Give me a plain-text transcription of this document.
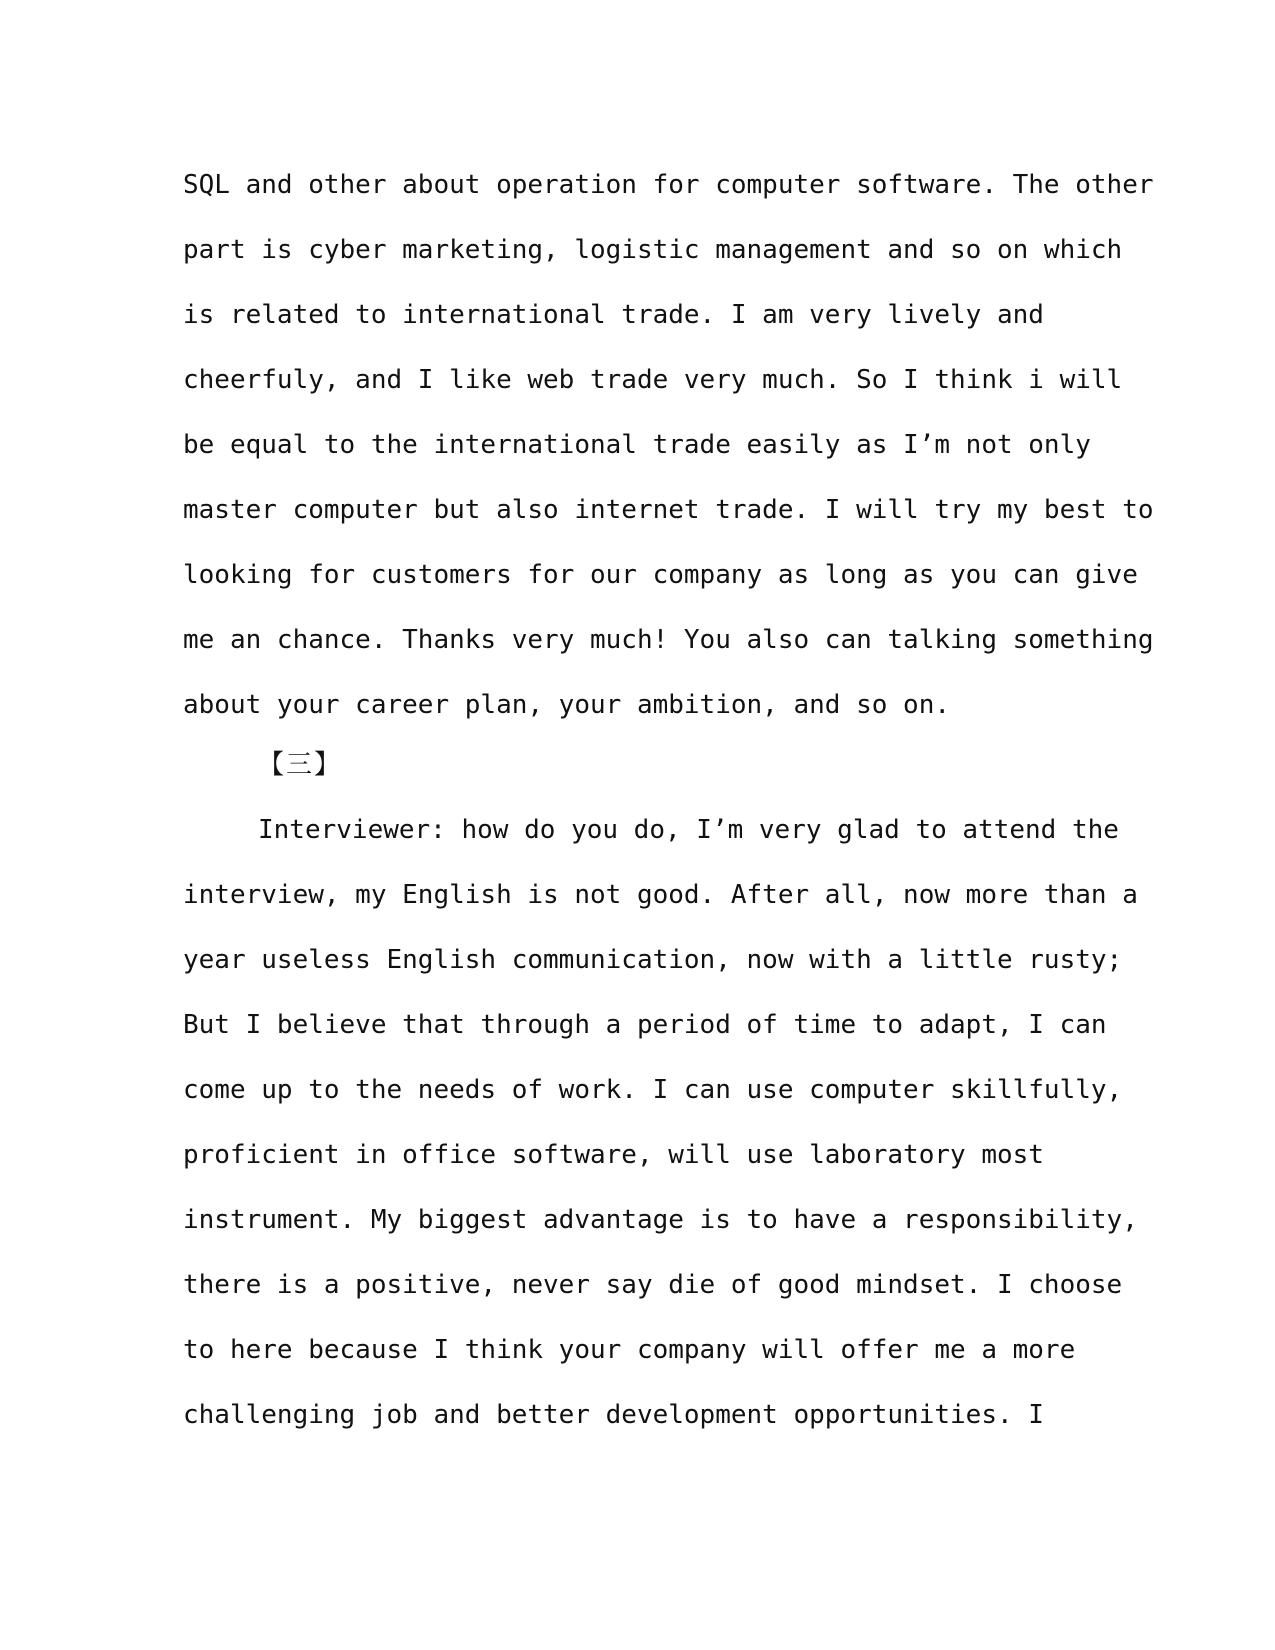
SQL and other about operation for computer software. The other
part is cyber marketing, logistic management and so on which
is related to international trade. I am very lively and
cheerfuly, and I like web trade very much. So I think i will
be equal to the international trade easily as I’m not only
master computer but also internet trade. I will try my best to
looking for customers for our company as long as you can give
me an chance. Thanks very much! You also can talking something
about your career plan, your ambition, and so on.
【三】
Interviewer: how do you do, I’m very glad to attend the
interview, my English is not good. After all, now more than a
year useless English communication, now with a little rusty;
But I believe that through a period of time to adapt, I can
come up to the needs of work. I can use computer skillfully,
proficient in office software, will use laboratory most
instrument. My biggest advantage is to have a responsibility,
there is a positive, never say die of good mindset. I choose
to here because I think your company will offer me a more
challenging job and better development opportunities. I
